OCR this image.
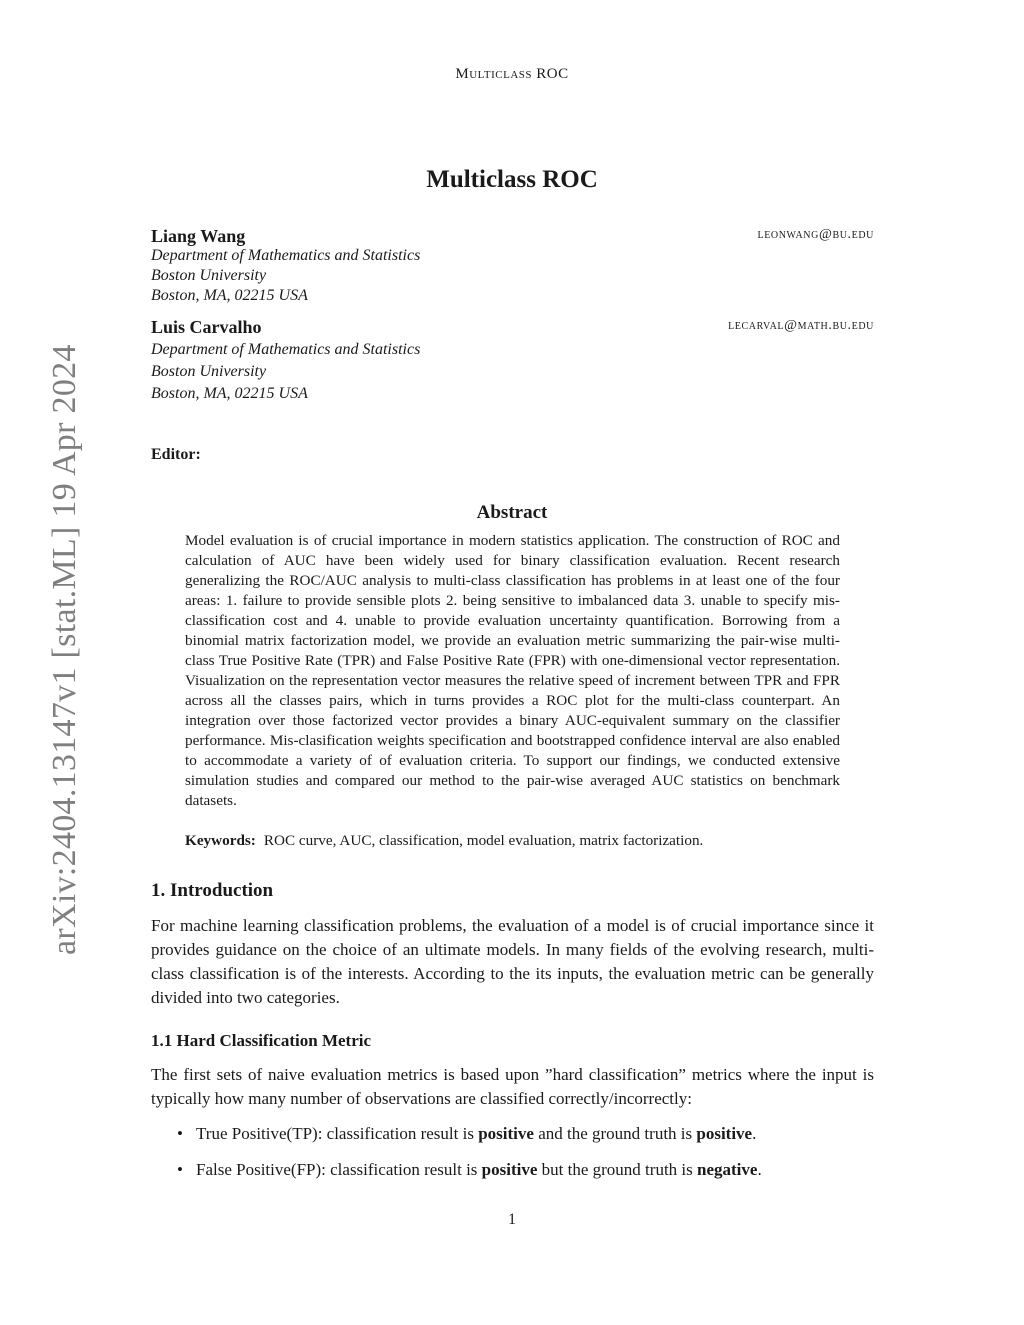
Multiclass ROC
arXiv:2404.13147v1 [stat.ML] 19 Apr 2024
Multiclass ROC
Liang Wang	leonwang@bu.edu
Department of Mathematics and Statistics
Boston University
Boston, MA, 02215 USA
Luis Carvalho	lecarval@math.bu.edu
Department of Mathematics and Statistics
Boston University
Boston, MA, 02215 USA
Editor:
Abstract
Model evaluation is of crucial importance in modern statistics application. The construction of ROC and calculation of AUC have been widely used for binary classification evaluation. Recent research generalizing the ROC/AUC analysis to multi-class classification has problems in at least one of the four areas: 1. failure to provide sensible plots 2. being sensitive to imbalanced data 3. unable to specify mis-classification cost and 4. unable to provide evaluation uncertainty quantification. Borrowing from a binomial matrix factorization model, we provide an evaluation metric summarizing the pair-wise multi-class True Positive Rate (TPR) and False Positive Rate (FPR) with one-dimensional vector representation. Visualization on the representation vector measures the relative speed of increment between TPR and FPR across all the classes pairs, which in turns provides a ROC plot for the multi-class counterpart. An integration over those factorized vector provides a binary AUC-equivalent summary on the classifier performance. Mis-clasification weights specification and bootstrapped confidence interval are also enabled to accommodate a variety of of evaluation criteria. To support our findings, we conducted extensive simulation studies and compared our method to the pair-wise averaged AUC statistics on benchmark datasets.
Keywords: ROC curve, AUC, classification, model evaluation, matrix factorization.
1. Introduction
For machine learning classification problems, the evaluation of a model is of crucial importance since it provides guidance on the choice of an ultimate models. In many fields of the evolving research, multi-class classification is of the interests. According to the its inputs, the evaluation metric can be generally divided into two categories.
1.1 Hard Classification Metric
The first sets of naive evaluation metrics is based upon ”hard classification” metrics where the input is typically how many number of observations are classified correctly/incorrectly:
• True Positive(TP): classification result is positive and the ground truth is positive.
• False Positive(FP): classification result is positive but the ground truth is negative.
1
